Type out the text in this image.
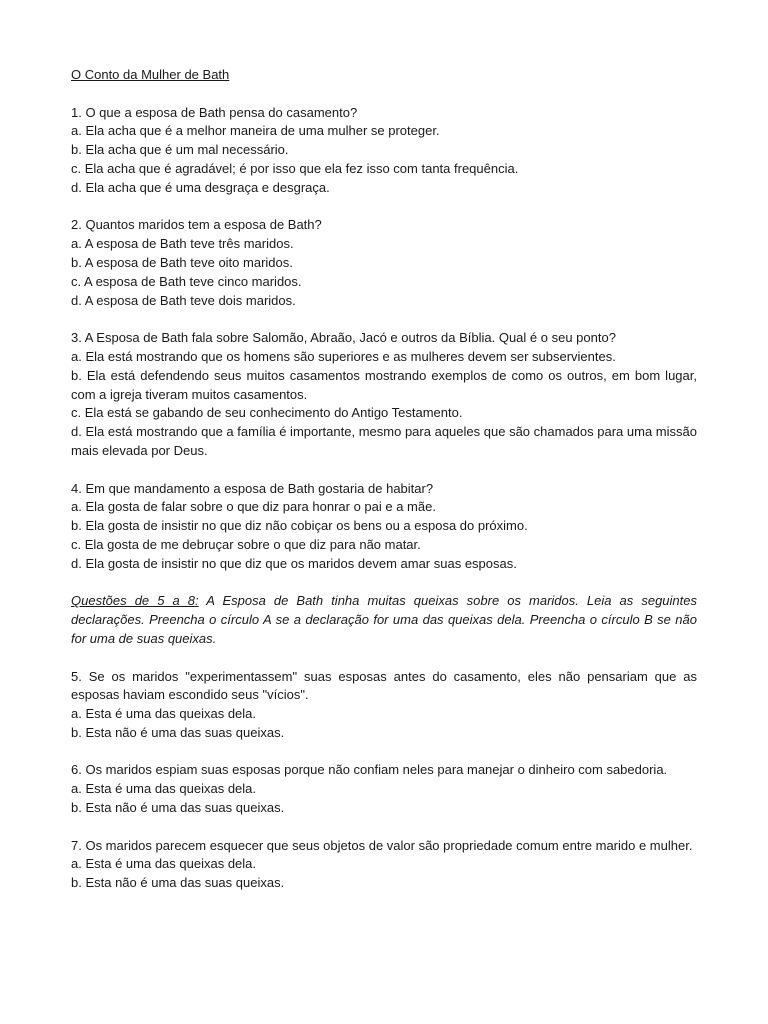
O Conto da Mulher de Bath

1. O que a esposa de Bath pensa do casamento?

a. Ela acha que é a melhor maneira de uma mulher se proteger.

b. Ela acha que é um mal necessário.

c. Ela acha que é agradável; é por isso que ela fez isso com tanta frequência.

d. Ela acha que é uma desgraça e desgraça.

2. Quantos maridos tem a esposa de Bath?

a. A esposa de Bath teve três maridos.

b. A esposa de Bath teve oito maridos.

c. A esposa de Bath teve cinco maridos.

d. A esposa de Bath teve dois maridos.

3. A Esposa de Bath fala sobre Salomão, Abraão, Jacó e outros da Bíblia. Qual é o seu ponto?

a. Ela está mostrando que os homens são superiores e as mulheres devem ser subservientes.

b. Ela está defendendo seus muitos casamentos mostrando exemplos de como os outros, em bom lugar, com a igreja tiveram muitos casamentos.

c. Ela está se gabando de seu conhecimento do Antigo Testamento.

d. Ela está mostrando que a família é importante, mesmo para aqueles que são chamados para uma missão mais elevada por Deus.

4. Em que mandamento a esposa de Bath gostaria de habitar?

a. Ela gosta de falar sobre o que diz para honrar o pai e a mãe.

b. Ela gosta de insistir no que diz não cobiçar os bens ou a esposa do próximo.

c. Ela gosta de me debruçar sobre o que diz para não matar.

d. Ela gosta de insistir no que diz que os maridos devem amar suas esposas.

Questões de 5 a 8: A Esposa de Bath tinha muitas queixas sobre os maridos. Leia as seguintes declarações. Preencha o círculo A se a declaração for uma das queixas dela. Preencha o círculo B se não for uma de suas queixas.

5. Se os maridos "experimentassem" suas esposas antes do casamento, eles não pensariam que as esposas haviam escondido seus "vícios".

a. Esta é uma das queixas dela.

b. Esta não é uma das suas queixas.

6. Os maridos espiam suas esposas porque não confiam neles para manejar o dinheiro com sabedoria.

a. Esta é uma das queixas dela.

b. Esta não é uma das suas queixas.

7. Os maridos parecem esquecer que seus objetos de valor são propriedade comum entre marido e mulher.

a. Esta é uma das queixas dela.

b. Esta não é uma das suas queixas.
